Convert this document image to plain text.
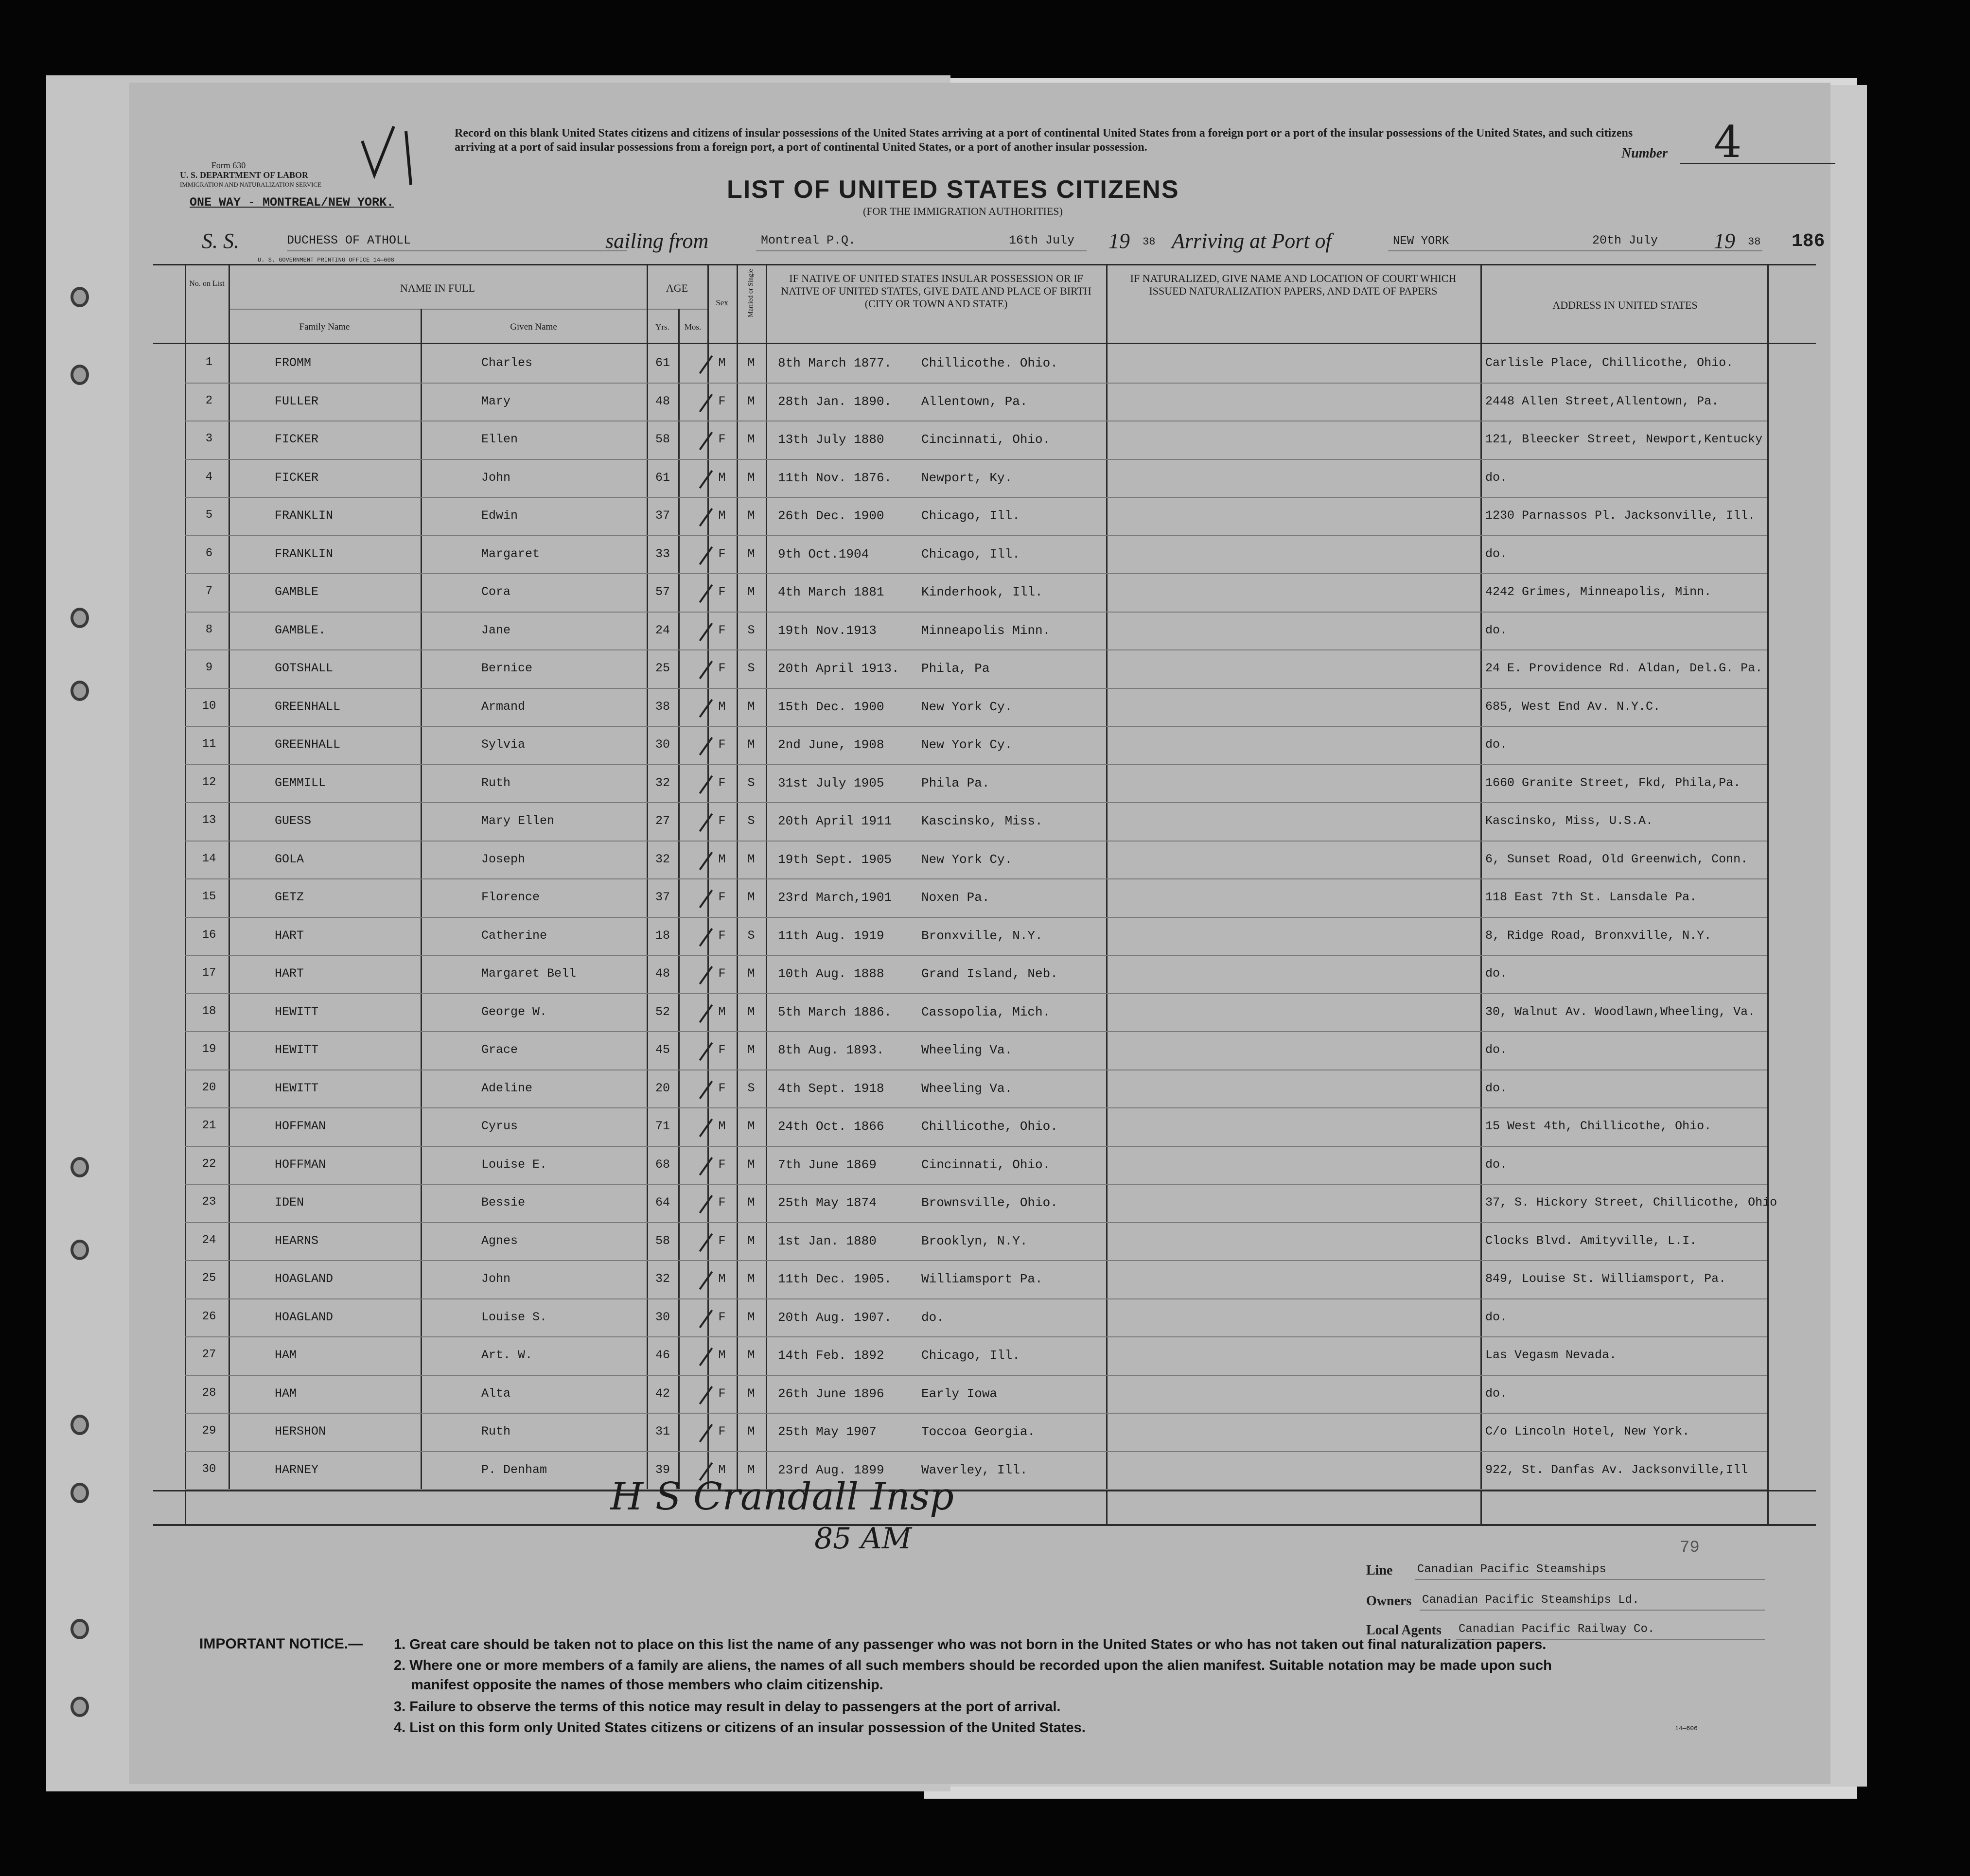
Form 630
U. S. DEPARTMENT OF LABOR
IMMIGRATION AND NATURALIZATION SERVICE
Record on this blank United States citizens and citizens of insular possessions of the United States arriving at a port of continental United States from a foreign port or a port of the insular possessions of the United States, and such citizens arriving at a port of said insular possessions from a foreign port, a port of continental United States, or a port of another insular possession.	Number 4
ONE WAY - MONTREAL/NEW YORK.	LIST OF UNITED STATES CITIZENS
(FOR THE IMMIGRATION AUTHORITIES)
S. S.	DUCHESS OF ATHOLL	sailing from	Montreal P.Q.	16th July 19 38 Arriving at Port of	NEW YORK	20th July	19 38 186
U. S. GOVERNMENT PRINTING OFFICE 14—608
No. on List	NAME IN FULL
Family Name	Given Name
AGE
Yrs.	Mos.
Sex	Married or Single	IF NATIVE OF UNITED STATES INSULAR POSSESSION OR IF NATIVE OF UNITED STATES, GIVE DATE AND PLACE OF BIRTH (CITY OR TOWN AND STATE)
IF NATURALIZED, GIVE NAME AND LOCATION OF COURT WHICH ISSUED NATURALIZATION PAPERS, AND DATE OF PAPERS
ADDRESS IN UNITED STATES
1	FROMM	Charles	61	M	M	8th March 1877. Chillicothe. Ohio.	Carlisle Place, Chillicothe, Ohio.
2	FULLER	Mary	48	F	M	28th Jan. 1890. Allentown, Pa.	2448 Allen Street,Allentown, Pa.
3	FICKER	Ellen	58	F	M	13th July 1880	Cincinnati, Ohio.	121, Bleecker Street, Newport,Kentucky
4	FICKER	John	61	M	M	11th Nov. 1876. Newport, Ky.	do.
5	FRANKLIN	Edwin	37	M	M	26th Dec. 1900	Chicago, Ill.	1230 Parnassos Pl. Jacksonville, Ill.
6	FRANKLIN	Margaret	33	F	M	9th Oct.1904	Chicago, Ill.	do.
7	GAMBLE	Cora	57	F	M	4th March 1881	Kinderhook, Ill.	4242 Grimes, Minneapolis, Minn.
8	GAMBLE.	Jane	24	F	S	19th Nov.1913	Minneapolis Minn.	do.
9	GOTSHALL	Bernice	25	F	S	20th April 1913. Phila, Pa	24 E. Providence Rd. Aldan, Del.G. Pa.
10	GREENHALL	Armand	38	M	M	15th Dec. 1900	New York Cy.	685, West End Av. N.Y.C.
11	GREENHALL	Sylvia	30	F	M	2nd June, 1908	New York Cy.	do.
12	GEMMILL	Ruth	32	F	S	31st July 1905	Phila Pa.	1660 Granite Street, Fkd, Phila,Pa.
13	GUESS	Mary Ellen	27	F	S	20th April 1911 Kascinsko, Miss.	Kascinsko, Miss, U.S.A.
14	GOLA	Joseph	32	M	M	19th Sept. 1905 New York Cy.	6, Sunset Road, Old Greenwich, Conn.
15	GETZ	Florence	37	F	M	23rd March,1901 Noxen Pa.	118 East 7th St. Lansdale Pa.
16	HART	Catherine	18	F	S	11th Aug. 1919	Bronxville, N.Y.	8, Ridge Road, Bronxville, N.Y.
17	HART	Margaret Bell	48	F	M	10th Aug. 1888	Grand Island, Neb.	do.
18	HEWITT	George W.	52	M	M	5th March 1886. Cassopolia, Mich.	30, Walnut Av. Woodlawn,Wheeling, Va.
19	HEWITT	Grace	45	F	M	8th Aug. 1893.	Wheeling Va.	do.
20	HEWITT	Adeline	20	F	S	4th Sept. 1918	Wheeling Va.	do.
21	HOFFMAN	Cyrus	71	M	M	24th Oct. 1866	Chillicothe, Ohio.	15 West 4th, Chillicothe, Ohio.
22	HOFFMAN	Louise E.	68	F	M	7th June 1869	Cincinnati, Ohio.	do.
23	IDEN	Bessie	64	F	M	25th May 1874	Brownsville, Ohio.	37, S. Hickory Street, Chillicothe, Ohio
24	HEARNS	Agnes	58	F	M	1st Jan. 1880	Brooklyn, N.Y.	Clocks Blvd. Amityville, L.I.
25	HOAGLAND	John	32	M	M	11th Dec. 1905. Williamsport Pa.	849, Louise St. Williamsport, Pa.
26	HOAGLAND	Louise S.	30	F	M	20th Aug. 1907. do.	do.
27	HAM	Art. W.	46	M	M	14th Feb. 1892	Chicago, Ill.	Las Vegasm Nevada.
28	HAM	Alta	42	F	M	26th June 1896	Early Iowa	do.
29	HERSHON	Ruth	31	F	M	25th May 1907	Toccoa Georgia.	C/o Lincoln Hotel, New York.
30	HARNEY	P. Denham	39	M	M	23rd Aug. 1899	Waverley, Ill.	922, St. Danfas Av. Jacksonville,Ill
H S Crandall Insp
85 AM	79
Line Canadian Pacific Steamships
Owners Canadian Pacific Steamships Ld.
Local Agents Canadian Pacific Railway Co.
IMPORTANT NOTICE.— 1. Great care should be taken not to place on this list the name of any passenger who was not born in the United States or who has not taken out final naturalization papers.
2. Where one or more members of a family are aliens, the names of all such members should be recorded upon the alien manifest. Suitable notation may be made upon such
manifest opposite the names of those members who claim citizenship.
3. Failure to observe the terms of this notice may result in delay to passengers at the port of arrival.
4. List on this form only United States citizens or citizens of an insular possession of the United States.	14—606
